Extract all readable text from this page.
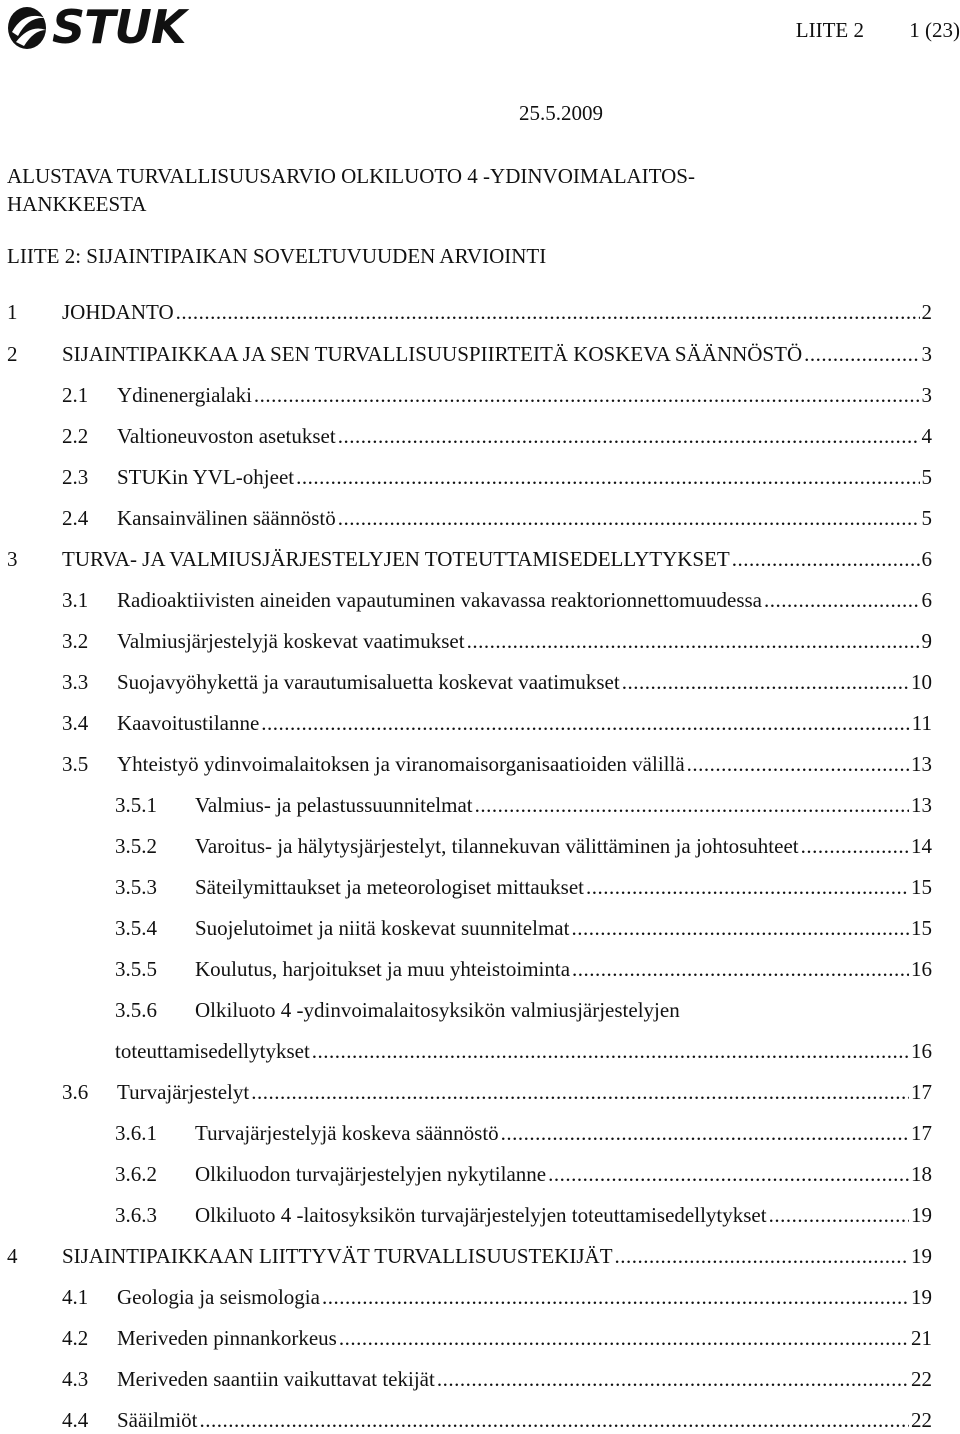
STUK	LIITE 2 1 (23)
25.5.2009
ALUSTAVA TURVALLISUUSARVIO OLKILUOTO 4 -YDINVOIMALAITOS-
HANKKEESTA
LIITE 2: SIJAINTIPAIKAN SOVELTUVUUDEN ARVIOINTI
1 JOHDANTO .....	2
2 SIJAINTIPAIKKAA JA SEN TURVALLISUUSPIIRTEITÄ KOSKEVA SÄÄNNÖSTÖ .....	3
2.1 Ydinenergialaki .....	3
2.2 Valtioneuvoston asetukset .....	4
2.3 STUKin YVL-ohjeet .....	5
2.4 Kansainvälinen säännöstö .....	5
3 TURVA- JA VALMIUSJÄRJESTELYJEN TOTEUTTAMISEDELLYTYKSET .....	6
3.1 Radioaktiivisten aineiden vapautuminen vakavassa reaktorionnettomuudessa .....	6
3.2 Valmiusjärjestelyjä koskevat vaatimukset .....	9
3.3 Suojavyöhykettä ja varautumisaluetta koskevat vaatimukset .....	10
3.4 Kaavoitustilanne .....	11
3.5 Yhteistyö ydinvoimalaitoksen ja viranomaisorganisaatioiden välillä .....	13
3.5.1 Valmius- ja pelastussuunnitelmat .....	13
3.5.2 Varoitus- ja hälytysjärjestelyt, tilannekuvan välittäminen ja johtosuhteet .....	14
3.5.3 Säteilymittaukset ja meteorologiset mittaukset .....	15
3.5.4 Suojelutoimet ja niitä koskevat suunnitelmat .....	15
3.5.5 Koulutus, harjoitukset ja muu yhteistoiminta .....	16
3.5.6 Olkiluoto 4 -ydinvoimalaitosyksikön valmiusjärjestelyjen
toteuttamisedellytykset .....	16
3.6 Turvajärjestelyt .....	17
3.6.1 Turvajärjestelyjä koskeva säännöstö .....	17
3.6.2 Olkiluodon turvajärjestelyjen nykytilanne .....	18
3.6.3 Olkiluoto 4 -laitosyksikön turvajärjestelyjen toteuttamisedellytykset .....	19
4 SIJAINTIPAIKKAAN LIITTYVÄT TURVALLISUUSTEKIJÄT .....	19
4.1 Geologia ja seismologia .....	19
4.2 Meriveden pinnankorkeus .....	21
4.3 Meriveden saantiin vaikuttavat tekijät .....	22
4.4 Sääilmiöt .....	22
